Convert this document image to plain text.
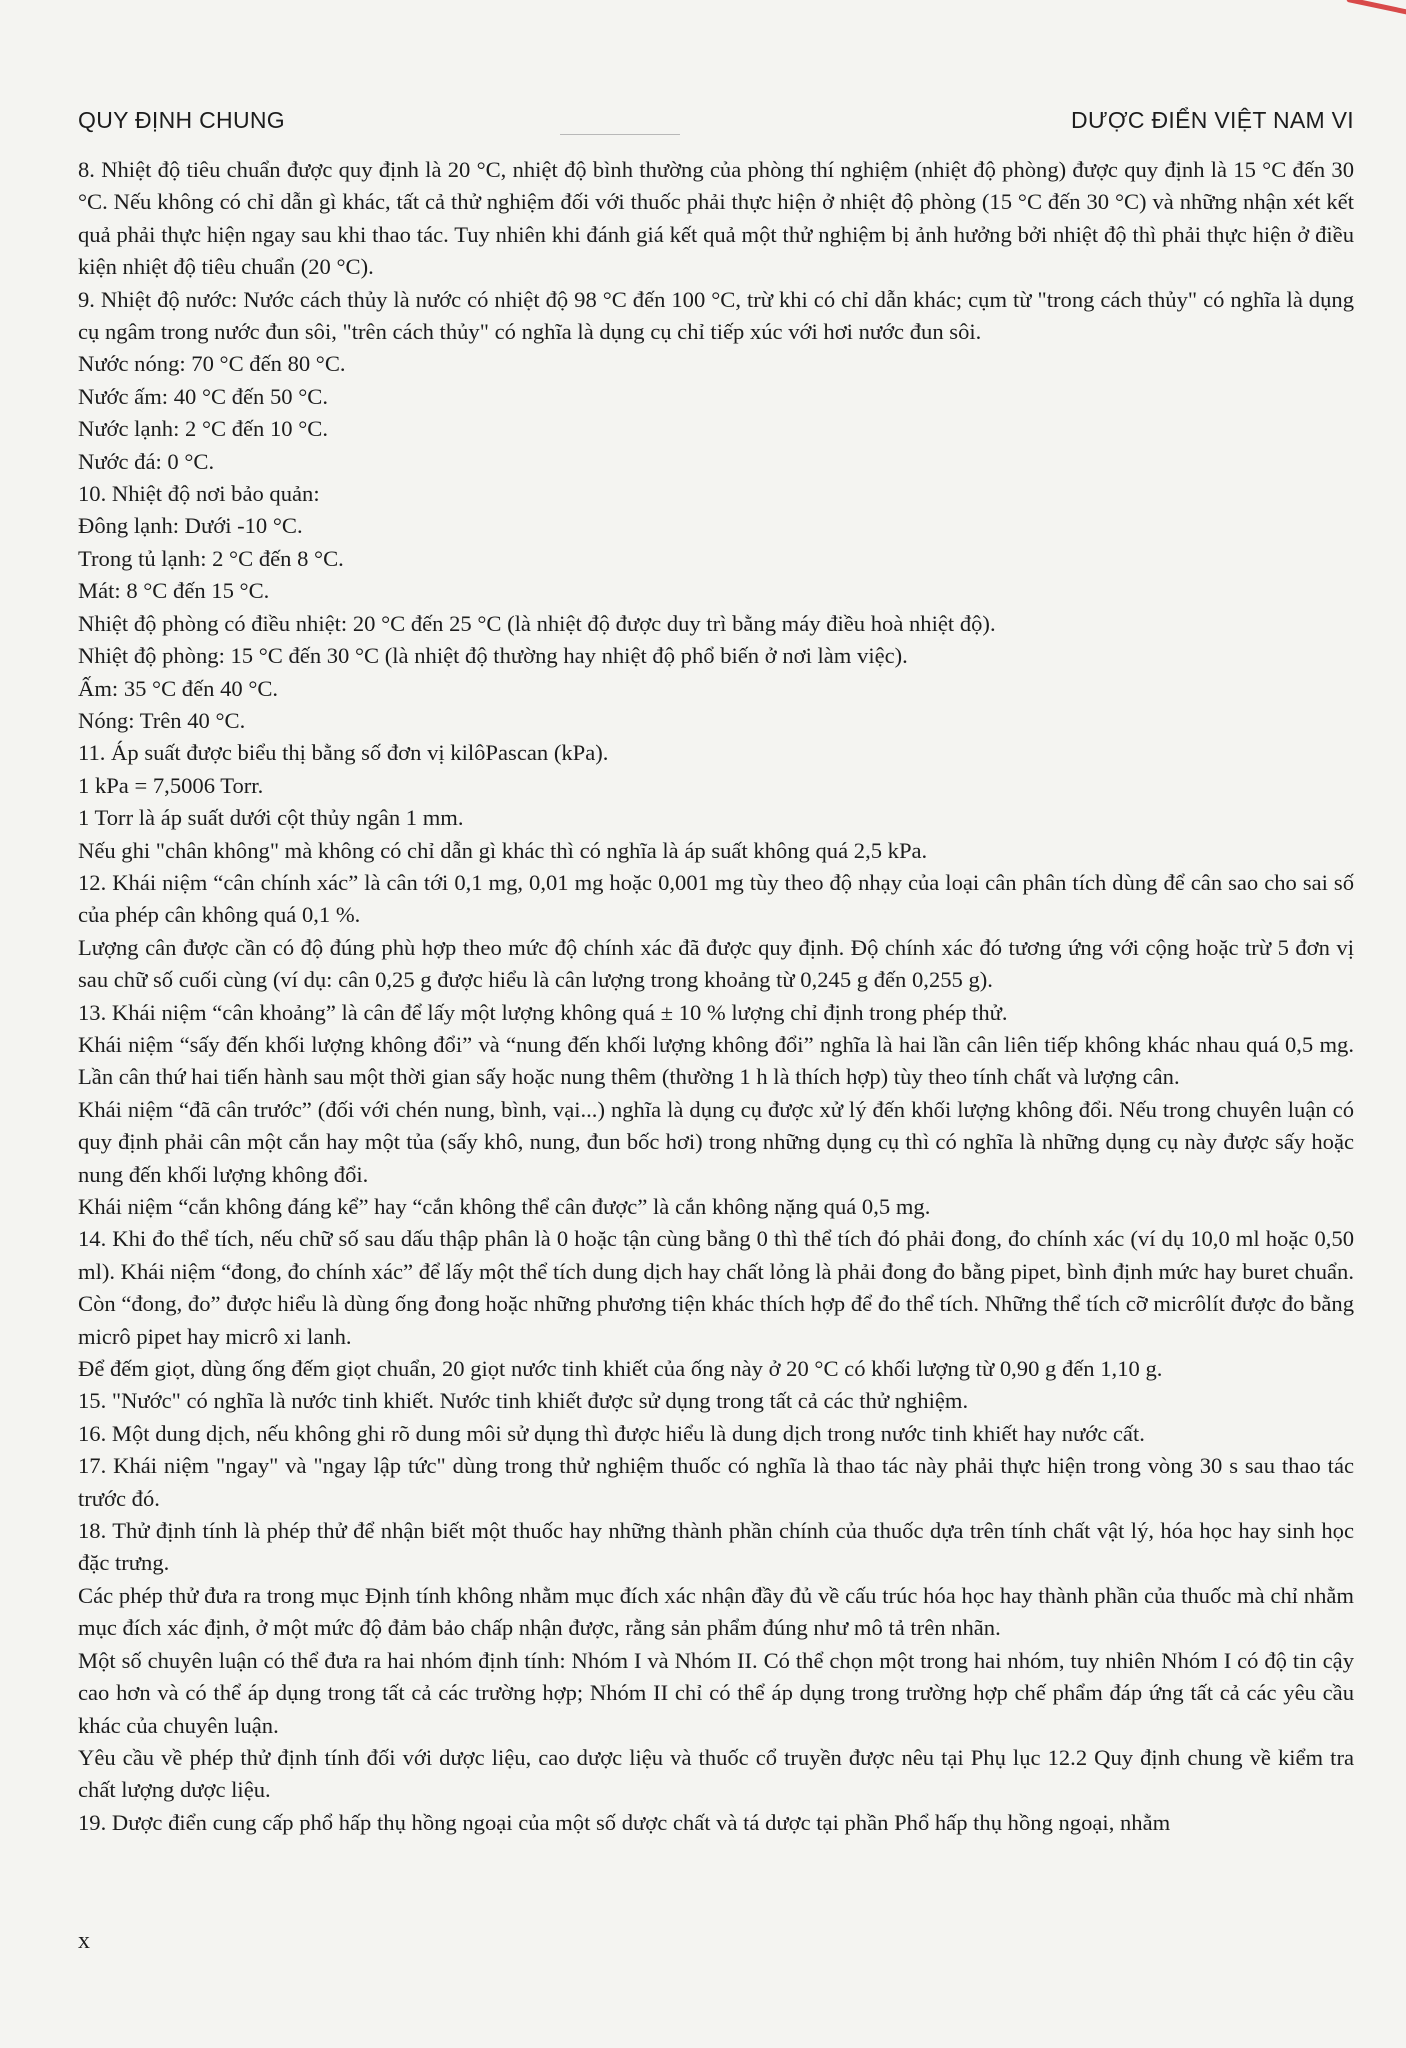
QUY ĐỊNH CHUNG	DƯỢC ĐIỂN VIỆT NAM VI

8. Nhiệt độ tiêu chuẩn được quy định là 20 °C, nhiệt độ bình thường của phòng thí nghiệm (nhiệt độ phòng) được quy định là 15 °C đến 30 °C. Nếu không có chỉ dẫn gì khác, tất cả thử nghiệm đối với thuốc phải thực hiện ở nhiệt độ phòng (15 °C đến 30 °C) và những nhận xét kết quả phải thực hiện ngay sau khi thao tác. Tuy nhiên khi đánh giá kết quả một thử nghiệm bị ảnh hưởng bởi nhiệt độ thì phải thực hiện ở điều kiện nhiệt độ tiêu chuẩn (20 °C).

9. Nhiệt độ nước: Nước cách thủy là nước có nhiệt độ 98 °C đến 100 °C, trừ khi có chỉ dẫn khác; cụm từ "trong cách thủy" có nghĩa là dụng cụ ngâm trong nước đun sôi, "trên cách thủy" có nghĩa là dụng cụ chỉ tiếp xúc với hơi nước đun sôi.

Nước nóng: 70 °C đến 80 °C.

Nước ấm: 40 °C đến 50 °C.

Nước lạnh: 2 °C đến 10 °C.

Nước đá: 0 °C.

10. Nhiệt độ nơi bảo quản:

Đông lạnh: Dưới -10 °C.

Trong tủ lạnh: 2 °C đến 8 °C.

Mát: 8 °C đến 15 °C.

Nhiệt độ phòng có điều nhiệt: 20 °C đến 25 °C (là nhiệt độ được duy trì bằng máy điều hoà nhiệt độ).

Nhiệt độ phòng: 15 °C đến 30 °C (là nhiệt độ thường hay nhiệt độ phổ biến ở nơi làm việc).

Ấm: 35 °C đến 40 °C.

Nóng: Trên 40 °C.

11. Áp suất được biểu thị bằng số đơn vị kilôPascan (kPa).

1 kPa = 7,5006 Torr.

1 Torr là áp suất dưới cột thủy ngân 1 mm.

Nếu ghi "chân không" mà không có chỉ dẫn gì khác thì có nghĩa là áp suất không quá 2,5 kPa.

12. Khái niệm “cân chính xác” là cân tới 0,1 mg, 0,01 mg hoặc 0,001 mg tùy theo độ nhạy của loại cân phân tích dùng để cân sao cho sai số của phép cân không quá 0,1 %.

Lượng cân được cần có độ đúng phù hợp theo mức độ chính xác đã được quy định. Độ chính xác đó tương ứng với cộng hoặc trừ 5 đơn vị sau chữ số cuối cùng (ví dụ: cân 0,25 g được hiểu là cân lượng trong khoảng từ 0,245 g đến 0,255 g).

13. Khái niệm “cân khoảng” là cân để lấy một lượng không quá ± 10 % lượng chỉ định trong phép thử.

Khái niệm “sấy đến khối lượng không đổi” và “nung đến khối lượng không đổi” nghĩa là hai lần cân liên tiếp không khác nhau quá 0,5 mg. Lần cân thứ hai tiến hành sau một thời gian sấy hoặc nung thêm (thường 1 h là thích hợp) tùy theo tính chất và lượng cân.

Khái niệm “đã cân trước” (đối với chén nung, bình, vại...) nghĩa là dụng cụ được xử lý đến khối lượng không đổi. Nếu trong chuyên luận có quy định phải cân một cắn hay một tủa (sấy khô, nung, đun bốc hơi) trong những dụng cụ thì có nghĩa là những dụng cụ này được sấy hoặc nung đến khối lượng không đổi.

Khái niệm “cắn không đáng kể” hay “cắn không thể cân được” là cắn không nặng quá 0,5 mg.

14. Khi đo thể tích, nếu chữ số sau dấu thập phân là 0 hoặc tận cùng bằng 0 thì thể tích đó phải đong, đo chính xác (ví dụ 10,0 ml hoặc 0,50 ml). Khái niệm “đong, đo chính xác” để lấy một thể tích dung dịch hay chất lỏng là phải đong đo bằng pipet, bình định mức hay buret chuẩn. Còn “đong, đo” được hiểu là dùng ống đong hoặc những phương tiện khác thích hợp để đo thể tích. Những thể tích cỡ micrôlít được đo bằng micrô pipet hay micrô xi lanh.

Để đếm giọt, dùng ống đếm giọt chuẩn, 20 giọt nước tinh khiết của ống này ở 20 °C có khối lượng từ 0,90 g đến 1,10 g.

15. "Nước" có nghĩa là nước tinh khiết. Nước tinh khiết được sử dụng trong tất cả các thử nghiệm.

16. Một dung dịch, nếu không ghi rõ dung môi sử dụng thì được hiểu là dung dịch trong nước tinh khiết hay nước cất.

17. Khái niệm "ngay" và "ngay lập tức" dùng trong thử nghiệm thuốc có nghĩa là thao tác này phải thực hiện trong vòng 30 s sau thao tác trước đó.

18. Thử định tính là phép thử để nhận biết một thuốc hay những thành phần chính của thuốc dựa trên tính chất vật lý, hóa học hay sinh học đặc trưng.

Các phép thử đưa ra trong mục Định tính không nhằm mục đích xác nhận đầy đủ về cấu trúc hóa học hay thành phần của thuốc mà chỉ nhằm mục đích xác định, ở một mức độ đảm bảo chấp nhận được, rằng sản phẩm đúng như mô tả trên nhãn.

Một số chuyên luận có thể đưa ra hai nhóm định tính: Nhóm I và Nhóm II. Có thể chọn một trong hai nhóm, tuy nhiên Nhóm I có độ tin cậy cao hơn và có thể áp dụng trong tất cả các trường hợp; Nhóm II chỉ có thể áp dụng trong trường hợp chế phẩm đáp ứng tất cả các yêu cầu khác của chuyên luận.

Yêu cầu về phép thử định tính đối với dược liệu, cao dược liệu và thuốc cổ truyền được nêu tại Phụ lục 12.2 Quy định chung về kiểm tra chất lượng dược liệu.

19. Dược điển cung cấp phổ hấp thụ hồng ngoại của một số dược chất và tá dược tại phần Phổ hấp thụ hồng ngoại, nhằm

x
